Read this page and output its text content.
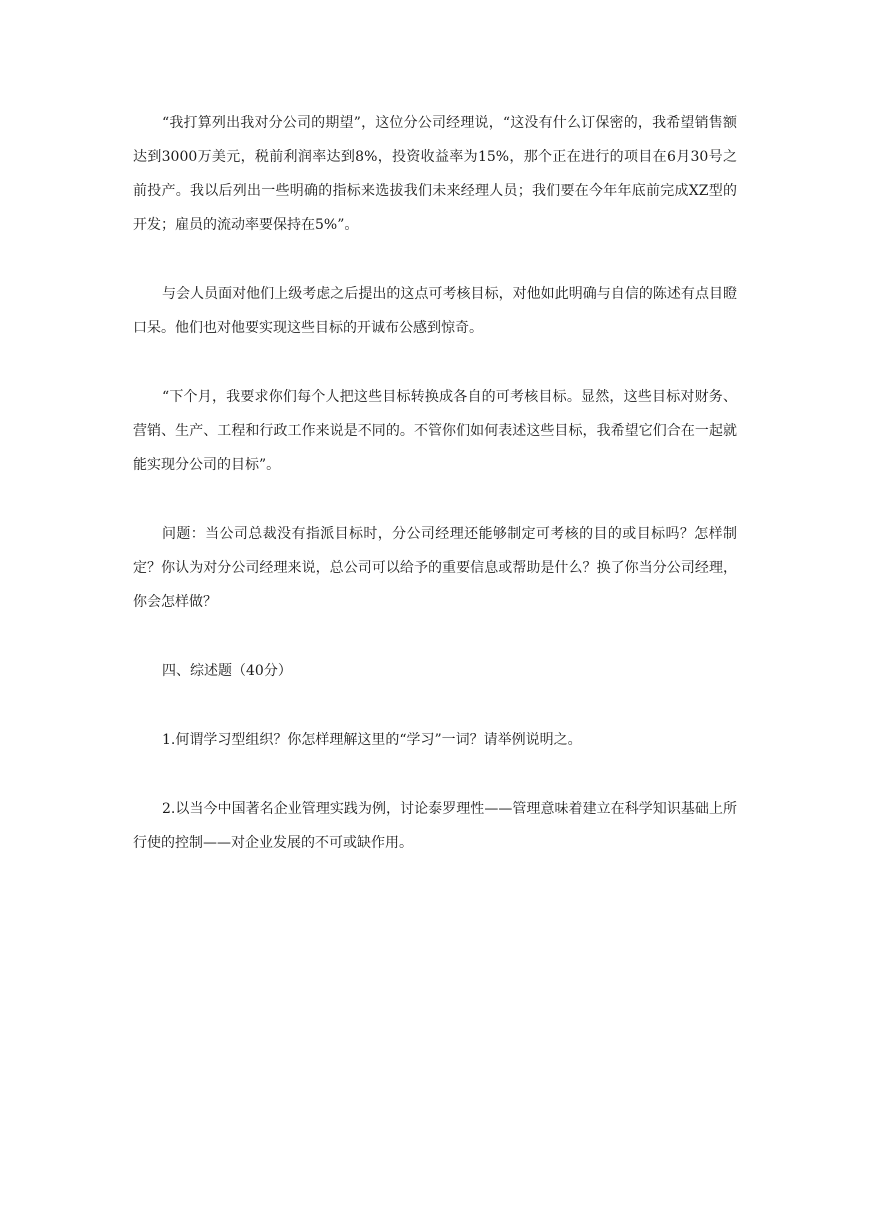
“我打算列出我对分公司的期望”，这位分公司经理说，“这没有什么订保密的，我希望销售额达到3000万美元，税前利润率达到8%，投资收益率为15%，那个正在进行的项目在6月30号之前投产。我以后列出一些明确的指标来选拔我们未来经理人员；我们要在今年年底前完成XZ型的开发；雇员的流动率要保持在5%”。

与会人员面对他们上级考虑之后提出的这点可考核目标，对他如此明确与自信的陈述有点目瞪口呆。他们也对他要实现这些目标的开诚布公感到惊奇。

“下个月，我要求你们每个人把这些目标转换成各自的可考核目标。显然，这些目标对财务、营销、生产、工程和行政工作来说是不同的。不管你们如何表述这些目标，我希望它们合在一起就能实现分公司的目标”。

问题：当公司总裁没有指派目标时，分公司经理还能够制定可考核的目的或目标吗？怎样制定？你认为对分公司经理来说，总公司可以给予的重要信息或帮助是什么？换了你当分公司经理，你会怎样做？

四、综述题（40分）

1.何谓学习型组织？你怎样理解这里的“学习”一词？请举例说明之。

2.以当今中国著名企业管理实践为例，讨论泰罗理性——管理意味着建立在科学知识基础上所行使的控制——对企业发展的不可或缺作用。
